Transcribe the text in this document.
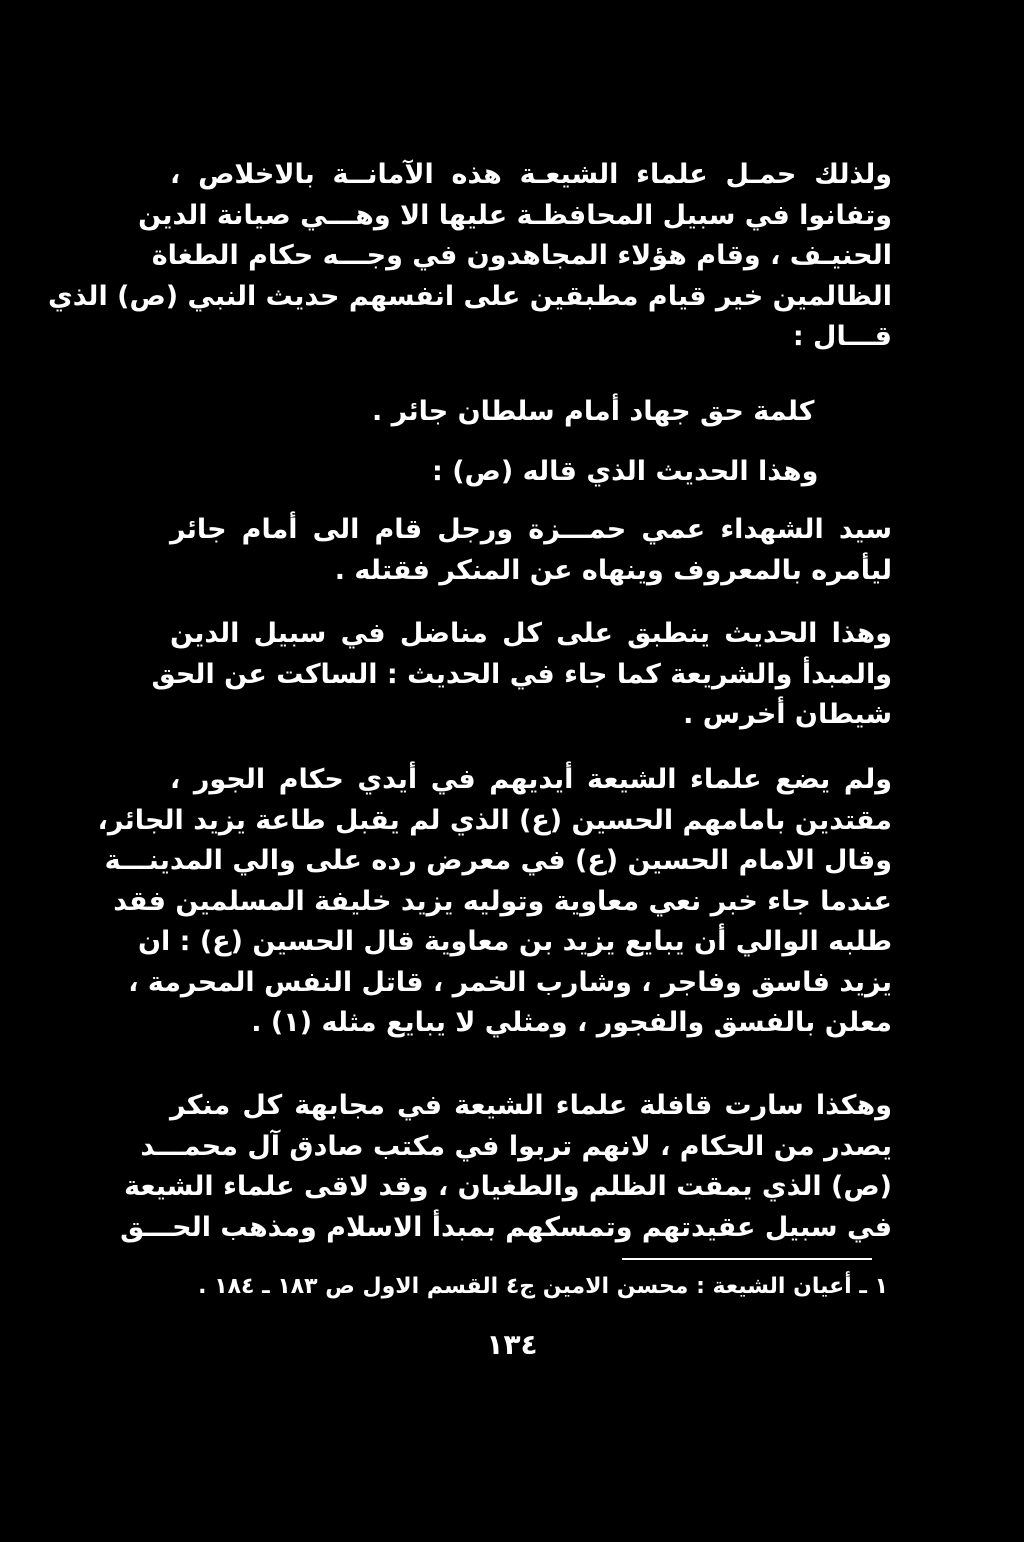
ولذلك حمـل علماء الشيعـة هذه الآمانــة بالاخلاص ،
وتفانوا في سبيل المحافظـة عليها الا وهـــي صيانة الدين
الحنيـف ، وقام هؤلاء المجاهدون في وجـــه حكام الطغاة
الظالمين خير قيام مطبقين على انفسهم حديث النبي (ص) الذي
قـــال :
كلمة حق جهاد أمام سلطان جائر .
وهذا الحديث الذي قاله (ص) :
سيد الشهداء عمي حمـــزة ورجل قام الى أمام جائر
ليأمره بالمعروف وينهاه عن المنكر فقتله .
وهذا الحديث ينطبق على كل مناضل في سبيل الدين
والمبدأ والشريعة كما جاء في الحديث : الساكت عن الحق
شيطان أخرس .
ولم يضع علماء الشيعة أيديهم في أيدي حكام الجور ،
مقتدين بامامهم الحسين (ع) الذي لم يقبل طاعة يزيد الجائر،
وقال الامام الحسين (ع) في معرض رده على والي المدينـــة
عندما جاء خبر نعي معاوية وتوليه يزيد خليفة المسلمين فقد
طلبه الوالي أن يبايع يزيد بن معاوية قال الحسين (ع) : ان
يزيد فاسق وفاجر ، وشارب الخمر ، قاتل النفس المحرمة ،
معلن بالفسق والفجور ، ومثلي لا يبايع مثله (١) .
وهكذا سارت قافلة علماء الشيعة في مجابهة كل منكر
يصدر من الحكام ، لانهم تربوا في مكتب صادق آل محمـــد
(ص) الذي يمقت الظلم والطغيان ، وقد لاقى علماء الشيعة
في سبيل عقيدتهم وتمسكهم بمبدأ الاسلام ومذهب الحـــق
١ ـ أعيان الشيعة : محسن الامين ج٤ القسم الاول ص ١٨٣ ـ ١٨٤ .
١٣٤
